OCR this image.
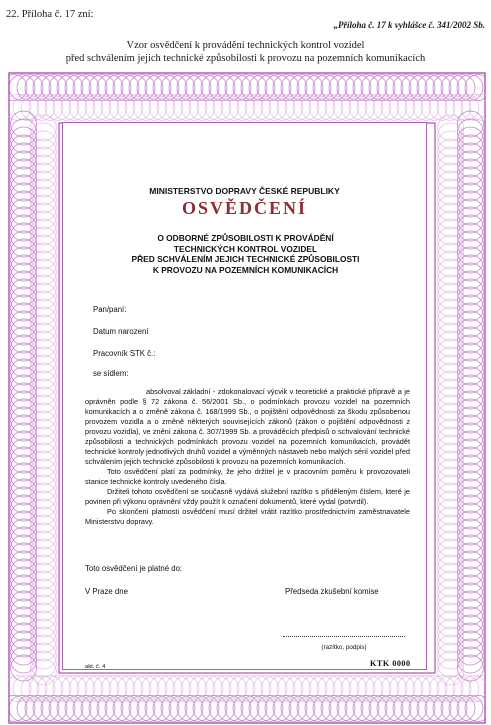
22. Příloha č. 17 zní:
„Příloha č. 17 k vyhlášce č. 341/2002 Sb.
Vzor osvědčení k provádění technických kontrol vozidel
před schválením jejich technické způsobilosti k provozu na pozemních komunikacích
MINISTERSTVO DOPRAVY ČESKÉ REPUBLIKY
OSVĚDČENÍ
O ODBORNÉ ZPŮSOBILOSTI K PROVÁDĚNÍ
TECHNICKÝCH KONTROL VOZIDEL
PŘED SCHVÁLENÍM JEJICH TECHNICKÉ ZPŮSOBILOSTI
K PROVOZU NA POZEMNÍCH KOMUNIKACÍCH
Pan/paní:
Datum narození
Pracovník STK č.:
se sídlem:

absolvoval základní - zdokonalovací výcvik v teoretické a praktické přípravě a je oprávněn podle § 72 zákona č. 56/2001 Sb., o podmínkách provozu vozidel na pozemních komunikacích a o změně zákona č. 168/1999 Sb., o pojištění odpovědnosti za škodu způsobenou provozem vozidla a o změně některých souvisejících zákonů (zákon o pojištění odpovědnosti z provozu vozidla), ve znění zákona č. 307/1999 Sb. a prováděcích předpisů o schvalování technické způsobilosti a technických podmínkách provozu vozidel na pozemních komunikacích, provádět technické kontroly jednotlivých druhů vozidel a výměnných nástaveb nebo malých sérií vozidel před schválením jejich technické způsobilosti k provozu na pozemních komunikacích.

Toto osvědčení platí za podmínky, že jeho držitel je v pracovním poměru k provozovateli stanice technické kontroly uvedeného čísla.

Držiteli tohoto osvědčení se současně vydává služební razítko s přiděleným číslem, které je povinen při výkonu oprávnění vždy použít k označení dokumentů, které vydal (potvrdil).

Po skončení platnosti osvědčení musí držitel vrátit razítko prostřednictvím zaměstnavatele Ministerstvu dopravy.

Toto osvědčení je platné do:
V Praze dne	Předseda zkušební komise
(razítko, podpis)
akt. č. 4	KTK 0000
